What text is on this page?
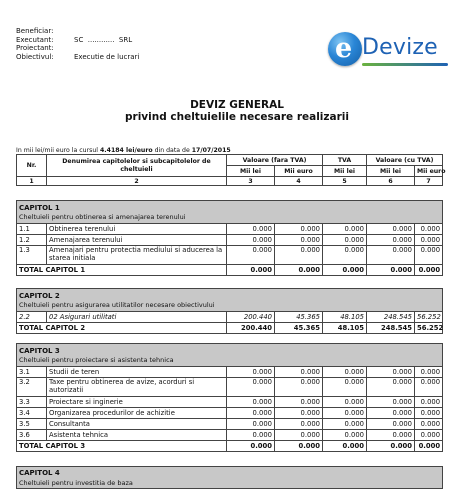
Beneficiar:
Executant:	SC  ............  SRL
Proiectant:
Obiectivul:	Executie de lucrari	e Devize
DEVIZ GENERAL
privind cheltuielile necesare realizarii
In mii lei/mii euro la cursul 4.4184 lei/euro din data de 17/07/2015
Nr.	Denumirea capitolelor si subcapitolelor de cheltuieli	Valoare (fara TVA)		TVA	Valoare (cu TVA)	
		Mii lei	Mii euro	Mii lei	Mii lei	Mii euro
1	2	3	4	5	6	7
CAPITOL 1						
Cheltuieli pentru obtinerea si amenajarea terenului						
1.1	Obtinerea terenului	0.000	0.000	0.000	0.000	0.000
1.2	Amenajarea terenului	0.000	0.000	0.000	0.000	0.000
1.3	Amenajari pentru protectia mediului si aducerea la starea initiala	0.000	0.000	0.000	0.000	0.000
TOTAL CAPITOL 1		0.000	0.000	0.000	0.000	0.000
CAPITOL 2						
Cheltuieli pentru asigurarea utilitatilor necesare obiectivului						
2.2	02 Asigurari utilitati	200.440	45.365	48.105	248.545	56.252
TOTAL CAPITOL 2		200.440	45.365	48.105	248.545	56.252
CAPITOL 3						
Cheltuieli pentru proiectare si asistenta tehnica						
3.1	Studii de teren	0.000	0.000	0.000	0.000	0.000
3.2	Taxe pentru obtinerea de avize, acorduri si autorizatii	0.000	0.000	0.000	0.000	0.000
3.3	Proiectare si inginerie	0.000	0.000	0.000	0.000	0.000
3.4	Organizarea procedurilor de achizitie	0.000	0.000	0.000	0.000	0.000
3.5	Consultanta	0.000	0.000	0.000	0.000	0.000
3.6	Asistenta tehnica	0.000	0.000	0.000	0.000	0.000
TOTAL CAPITOL 3		0.000	0.000	0.000	0.000	0.000
CAPITOL 4
Cheltuieli pentru investitia de baza
